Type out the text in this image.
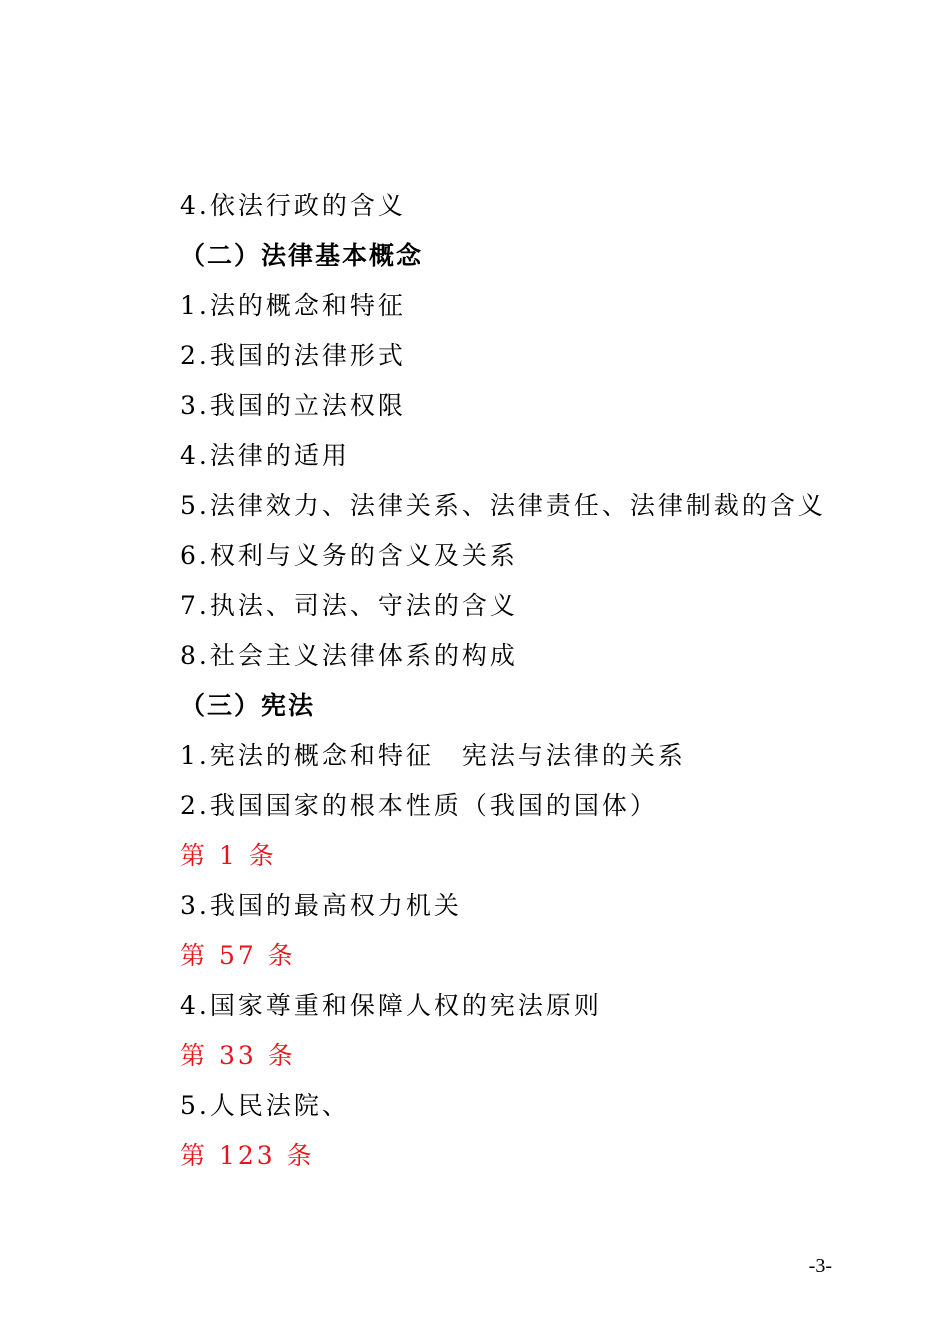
4.依法行政的含义
（二）法律基本概念
1.法的概念和特征
2.我国的法律形式
3.我国的立法权限
4.法律的适用
5.法律效力、法律关系、法律责任、法律制裁的含义
6.权利与义务的含义及关系
7.执法、司法、守法的含义
8.社会主义法律体系的构成
（三）宪法
1.宪法的概念和特征　宪法与法律的关系
2.我国国家的根本性质（我国的国体）
第 1 条
3.我国的最高权力机关
第 57 条
4.国家尊重和保障人权的宪法原则
第 33 条
5.人民法院、
第 123 条
-3-
